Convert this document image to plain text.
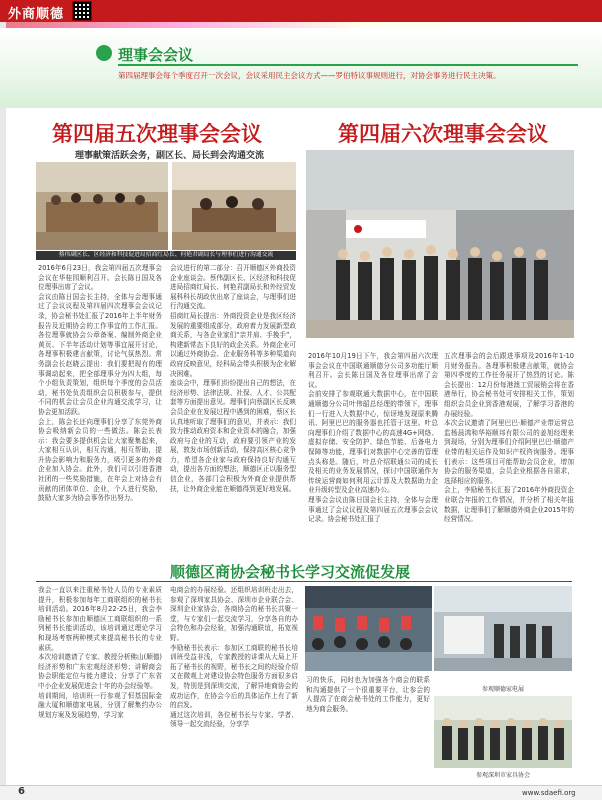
外商顺德
理事会会议
第四届理事会每个季度召开一次会议，会议采用民主会议方式——罗伯特议事规则进行，对协会事务进行民主决策。
第四届五次理事会会议
理事献策活跃会务，副区长、局长到会沟通交流
蔡伟副区长、区经济和科技促进局招商红局长、何艳君副局长与理事们进行沟通交流
2016年6月23日，我会第四届五次理事会会议在华桂园顺利召开。会长陈日国及各位理事出席了会议。
会议由陈日国会长主持，全体与会理事通过了会议议程及第四届四次理事会会议记录，协会秘书处汇报了2016年上半年财务报告及近期协会的工作事宜的工作汇报。各位理事就协会公章备案、编制外商企业黄页、下半年活动计划等事宜展开讨论，各理事积极建言献策，讨论气氛热烈。常务副会长赵晓云提出：我们要把现有的理事调动起来，把全部理事分为四大组，每个小组负责策划，组织每个季度的会员活动，秘书处负责组织会员积极参与，提供不同的机会让会员企业沟通交流学习，让协会更加活跃。
会上，陈会长还向理事们分享了东莞外商协会吸纳新会员的一些做法。陈会长表示：我会要多提供机会让大家聚集起来，大家相互认识，相互沟通，相互帮助，提升协会影响力和服务力，吸引更多的外商企业加入协会。此外，我们可以引进香港社团的一些奖励措施，在年会上对协会有贡献的团体单位、企业，个人进行奖励，鼓励大家多为协会事务作出努力。
会议进行的第二部分：召开顺德区外商投资企业座谈会。蔡伟副区长、区经济和科技促进局招商红局长、何艳君副局长和外经贸发展科科长胡政伏出席了座谈会，与理事们进行沟通交流。
招商红局长提出：外商投资企业是我区经济发展的重要组成部分，政府着力发展新型政商关系，与各企业家们“亲并肩、手挽手”，构建新常态下良好的政企关系。外商企业可以通过外商协会、企业服务科等多种渠道向政府反映意见，经科局会带头积极为企业解决困难。
座谈会中，理事们纷纷提出自己的想法，在经济形势、法律法规、社保、人才、公共配套等方面提出意见。理事们向蔡副区长反映会员企业在发展过程中遇到的困难，蔡区长认真地听取了理事们的意见，并表示：我们致力推动政府资本和企业资本的融合，加强政府与企业的互动，政府要引领产业的发展，敦发市场创新活动，保持高区核心竞争力，希望各企业家与政府保持良好沟通互动，提出各方面的想法，顺德区正以服务型信企业，各部门会积极为外商企业提供帮扶，让外商企业能在顺德得到更好地发展。
第四届六次理事会会议
2016年10月19日下午，我会第四届六次理事会会议在中国联通顺德分公司多功能厅顺利召开。会长陈日国及各位理事出席了会议。
会前安排了参观联通大数据中心，在中国联通顺德分公司叶伟韶总经理的带领下，理事们一行进入大数据中心，惊讶地发现原来腾讯、阿里巴巴的服务器也托管于这里。叶总向理事们介绍了数据中心的高速4G+网络、虚拟存储、安全防护、绿色节能、后备电力保障等功能，理事们对数据中心完善的管理点头称是。随后，叶总介绍联通公司的成长及相关的业务发展情况，探讨中国联通作为传统运营商如何利用云计算及大数据助力企业升级转型及企业高速办公。
理事会会议由陈日国会长主持，全体与会理事通过了会议议程及第四届五次理事会会议记录。协会秘书处汇报了
五次理事会的会后跟进事项及2016年1-10月财务报告。各理事积极建言献策，就协会第四季度的工作任务展开了热烈的讨论。陈会长提出：12月份每港澳工贸展销会将在香港举行，协会秘书处可安排相关工作，策划组织会员企业到香港观展，了解学习香港的办展经验。
本次会议邀请了阿里巴巴·顺德产业带运营总监杨晨鸿和华裕顺邦有限公司的姜旭经理来到现场，分别为理事们介绍阿里巴巴·顺德产业带的相关运作及知识产权咨询服务。理事们表示：这些项目可能帮助会员企业，增加协会的服务渠道，会员企业根据各自需求，选择相应的服务。
会上，李励秘书长汇报了2016年外商投资企业联合年报的工作情况，并分析了相关年报数据，让理事们了解顺德外商企业2015年的经营情况。
顺德区商协会秘书长学习交流促发展
我会一直以来注重秘书处人员的专业素质提升，积极参加每年工商联组织的秘书长培训活动。2016年8月22-25日，我会李励秘书长参加由顺德区工商联组织的一系列秘书长能训活动，该培训通过理论学习和现场考察两种模式来提高秘书长的专业素质。
本次培训邀请了专家、教授分析佛山(顺德)经济形势和广东宏观经济形势；讲解商会协会职能定位与能力建设；分享了广东省中小企业发展促进会十年的办会经验等。
培训期间，培训班一行参观了恒基国际金融大厦和顺德家电展，分别了解集约办公规划方案及发展趋势，学习家
电商会的办展经验。还组织培训班走出去，参观了深圳家具协会、深圳市企业联合会、深圳企业家协会，各商协会的秘书长共聚一堂，与专家们一起交流学习，分享各自的办会特色和办会经验，加强沟通联谊，拓宽视野。
李励秘书长表示：参加区工商联的秘书长培训班受益非浅，专家教授的讲课从大局上开拓了秘书长的视野，秘书长之间的经验介绍又在微观上对建设协会特色服务方面很多启发，特别是到深圳交流，了解异地商协会的成功运作，在协会今后的具体运作上有了新的启发。
通过这次培训，各位秘书长与专家、学者、领导一起交流经验，分享学
习的快乐，同时也为加强各个商会的联系和沟通提供了一个很重要平台，让参会的人提高了在商会秘书处的工作能力，更好地为商会服务。
参观顺德家电展
参观深圳市家具协会
6	www.sdaefi.org
